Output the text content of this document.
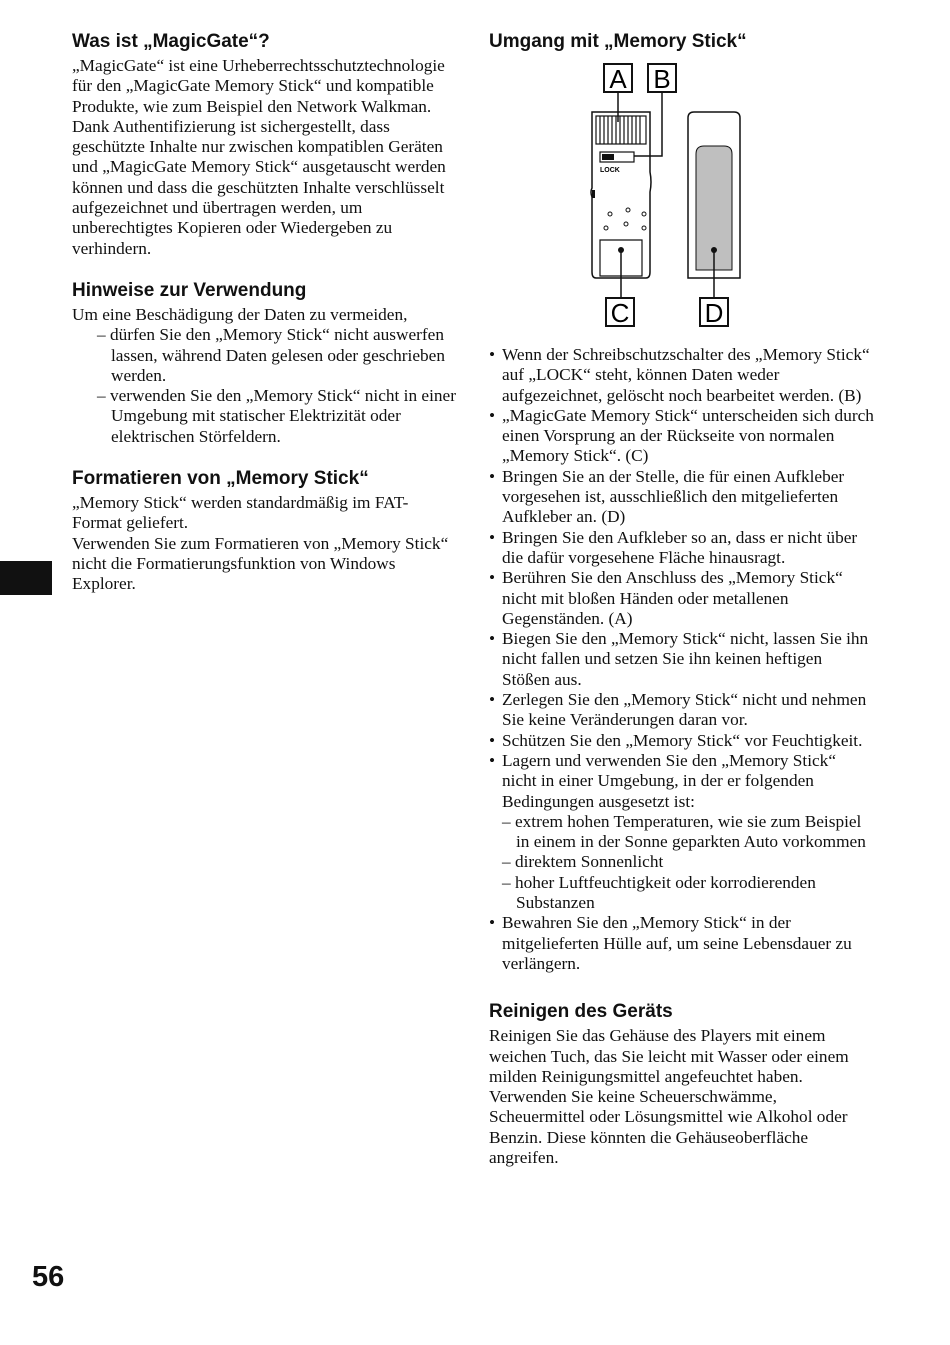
Was ist „MagicGate“?

„MagicGate“ ist eine Urheberrechtsschutztechnologie für den „MagicGate Memory Stick“ und kompatible Produkte, wie zum Beispiel den Network Walkman. Dank Authentifizierung ist sichergestellt, dass geschützte Inhalte nur zwischen kompatiblen Geräten und „MagicGate Memory Stick“ ausgetauscht werden können und dass die geschützten Inhalte verschlüsselt aufgezeichnet und übertragen werden, um unberechtigtes Kopieren oder Wiedergeben zu verhindern.

Hinweise zur Verwendung

Um eine Beschädigung der Daten zu vermeiden,

– dürfen Sie den „Memory Stick“ nicht auswerfen lassen, während Daten gelesen oder geschrieben werden.
– verwenden Sie den „Memory Stick“ nicht in einer Umgebung mit statischer Elektrizität oder elektrischen Störfeldern.
Formatieren von „Memory Stick“

„Memory Stick“ werden standardmäßig im FAT-Format geliefert.

Verwenden Sie zum Formatieren von „Memory Stick“ nicht die Formatierungsfunktion von Windows Explorer.

Umgang mit „Memory Stick“
A B
LOCK
C	D
• Wenn der Schreibschutzschalter des „Memory Stick“ auf „LOCK“ steht, können Daten weder aufgezeichnet, gelöscht noch bearbeitet werden. (B)
• „MagicGate Memory Stick“ unterscheiden sich durch einen Vorsprung an der Rückseite von normalen „Memory Stick“. (C)
• Bringen Sie an der Stelle, die für einen Aufkleber vorgesehen ist, ausschließlich den mitgelieferten Aufkleber an. (D)
• Bringen Sie den Aufkleber so an, dass er nicht über die dafür vorgesehene Fläche hinausragt.
• Berühren Sie den Anschluss des „Memory Stick“ nicht mit bloßen Händen oder metallenen Gegenständen. (A)
• Biegen Sie den „Memory Stick“ nicht, lassen Sie ihn nicht fallen und setzen Sie ihn keinen heftigen Stößen aus.
• Zerlegen Sie den „Memory Stick“ nicht und nehmen Sie keine Veränderungen daran vor.
• Schützen Sie den „Memory Stick“ vor Feuchtigkeit.
• Lagern und verwenden Sie den „Memory Stick“ nicht in einer Umgebung, in der er folgenden Bedingungen ausgesetzt ist:
– extrem hohen Temperaturen, wie sie zum Beispiel in einem in der Sonne geparkten Auto vorkommen
– direktem Sonnenlicht
– hoher Luftfeuchtigkeit oder korrodierenden Substanzen
• Bewahren Sie den „Memory Stick“ in der mitgelieferten Hülle auf, um seine Lebensdauer zu verlängern.
Reinigen des Geräts

Reinigen Sie das Gehäuse des Players mit einem weichen Tuch, das Sie leicht mit Wasser oder einem milden Reinigungsmittel angefeuchtet haben. Verwenden Sie keine Scheuerschwämme, Scheuermittel oder Lösungsmittel wie Alkohol oder Benzin. Diese könnten die Gehäuseoberfläche angreifen.

56
